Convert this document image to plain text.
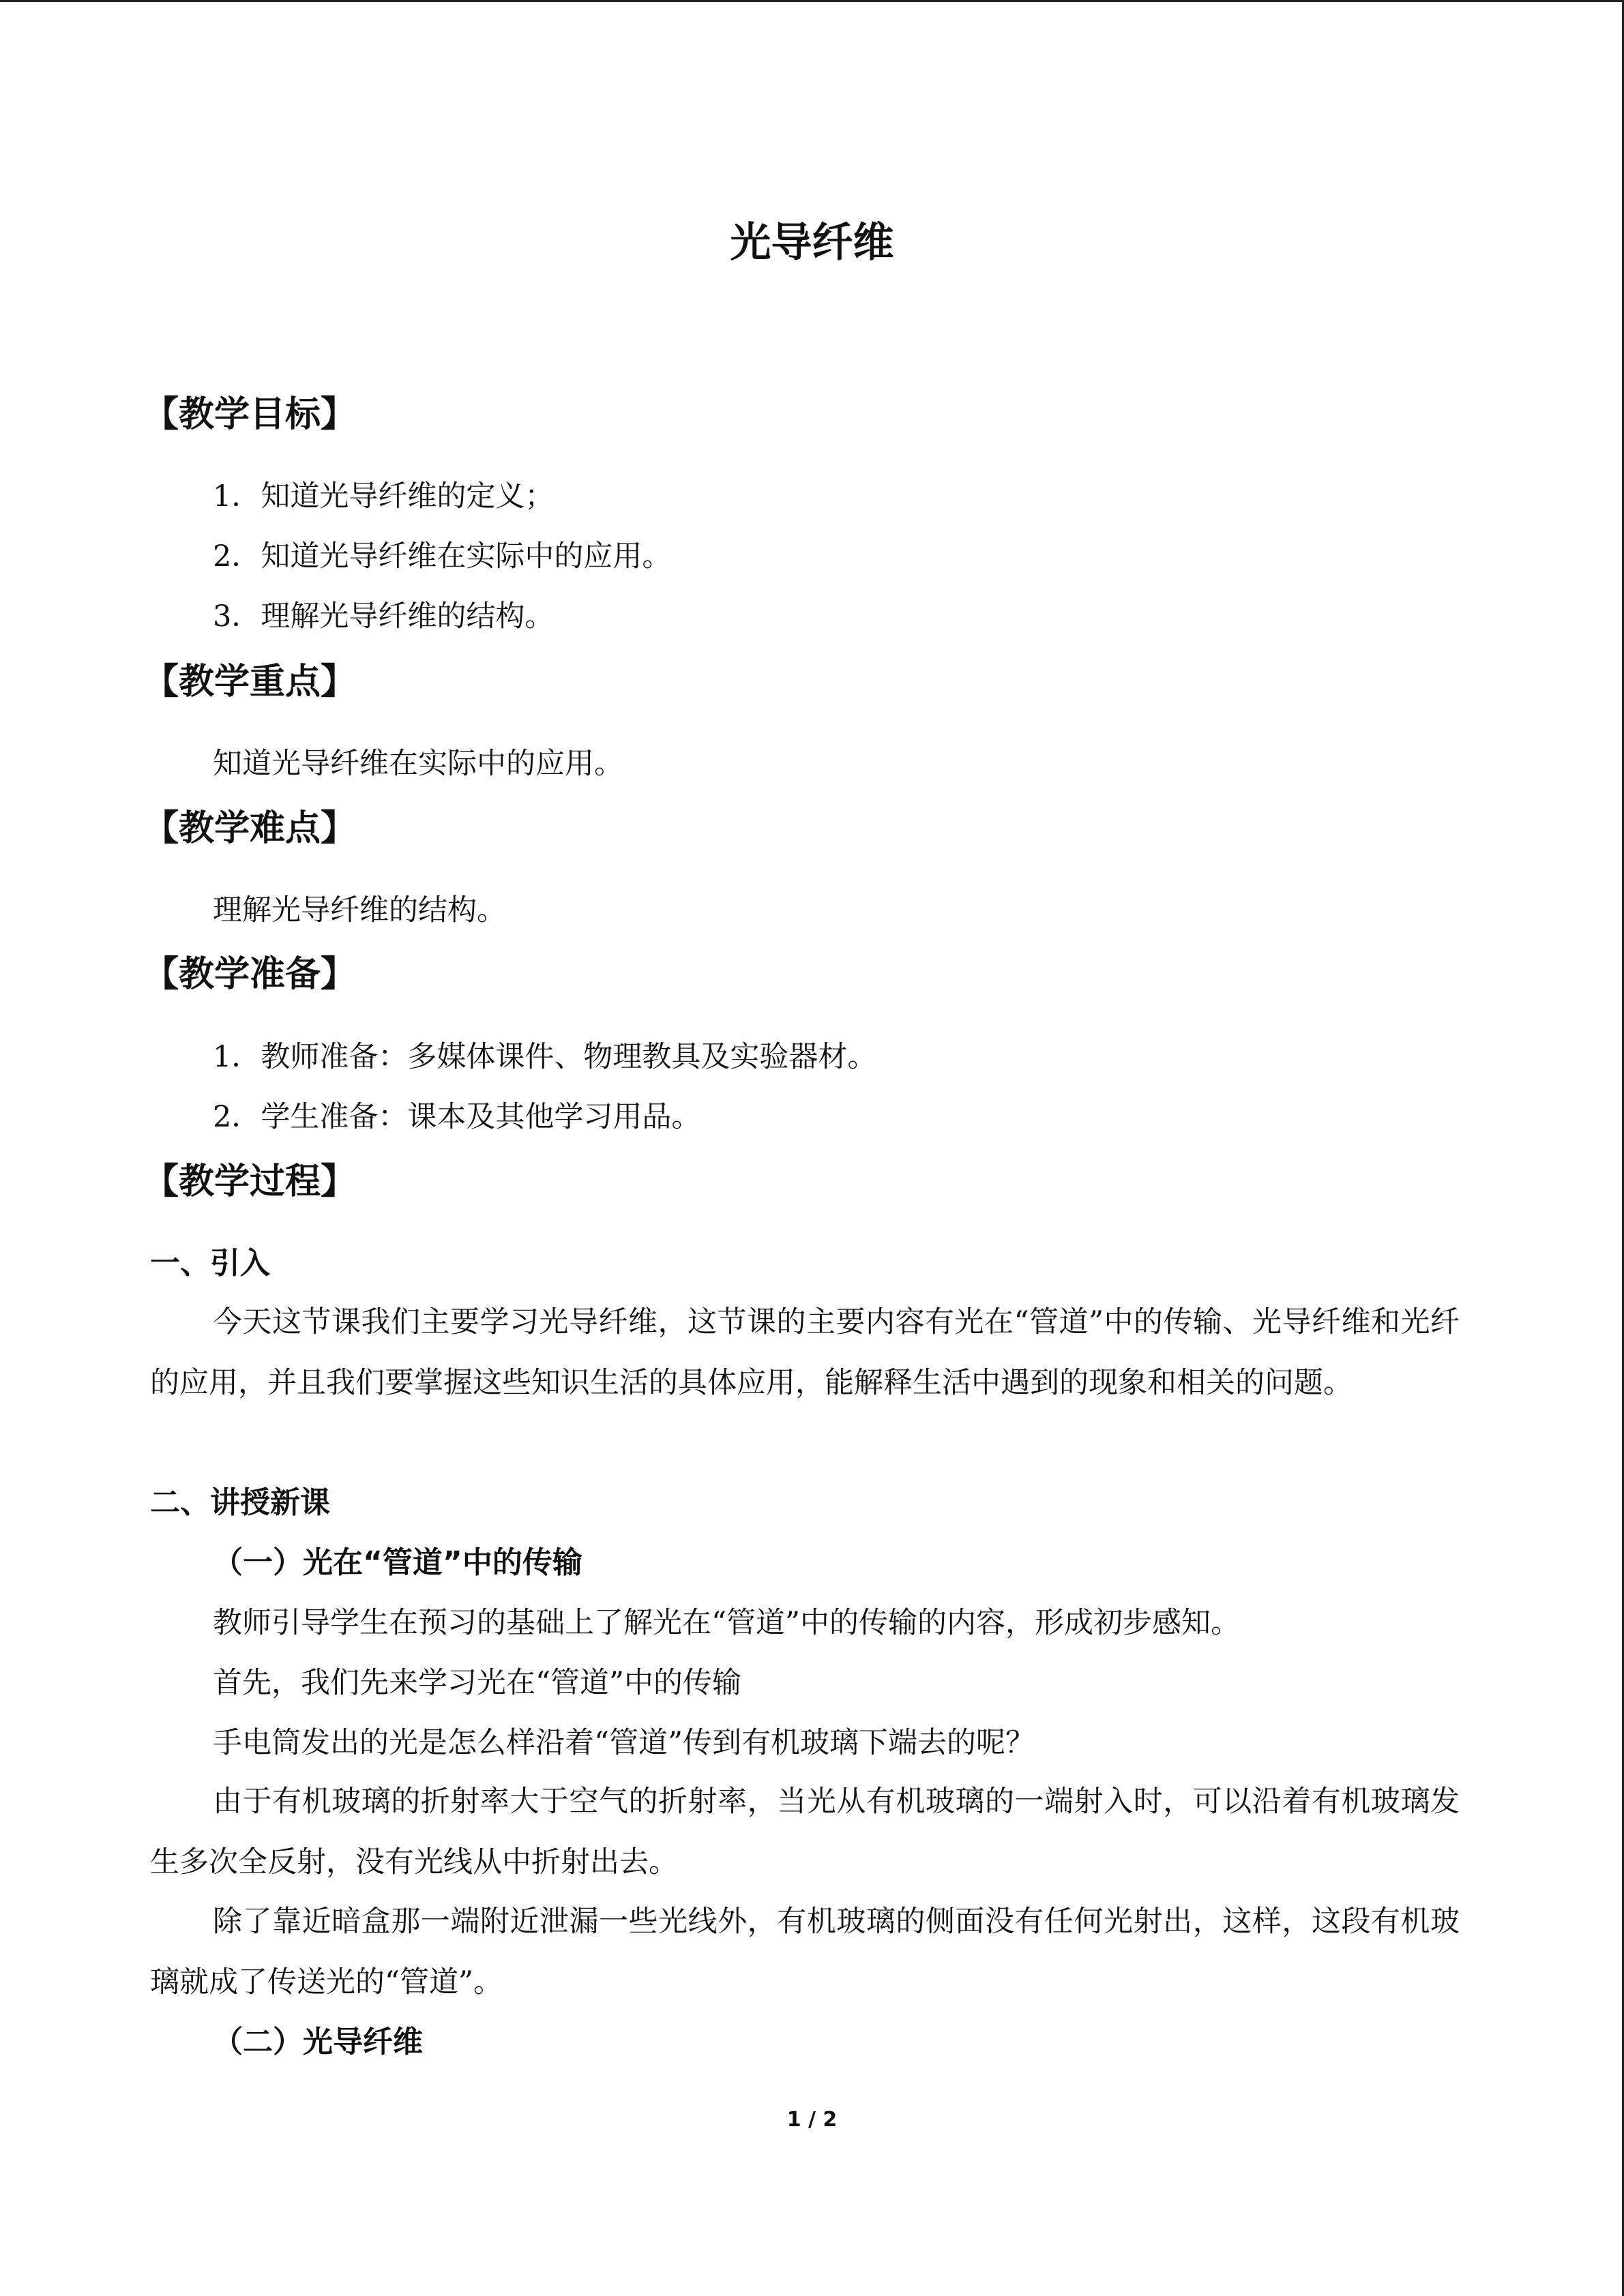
光导纤维
【教学目标】

1．知道光导纤维的定义；

2．知道光导纤维在实际中的应用。

3．理解光导纤维的结构。

【教学重点】

知道光导纤维在实际中的应用。

【教学难点】

理解光导纤维的结构。

【教学准备】

1．教师准备：多媒体课件、物理教具及实验器材。

2．学生准备：课本及其他学习用品。

【教学过程】

一、引入

今天这节课我们主要学习光导纤维，这节课的主要内容有光在“管道”中的传输、光导纤维和光纤的应用，并且我们要掌握这些知识生活的具体应用，能解释生活中遇到的现象和相关的问题。

二、讲授新课

（一）光在“管道”中的传输

教师引导学生在预习的基础上了解光在“管道”中的传输的内容，形成初步感知。

首先，我们先来学习光在“管道”中的传输

手电筒发出的光是怎么样沿着“管道”传到有机玻璃下端去的呢？

由于有机玻璃的折射率大于空气的折射率，当光从有机玻璃的一端射入时，可以沿着有机玻璃发生多次全反射，没有光线从中折射出去。

除了靠近暗盒那一端附近泄漏一些光线外，有机玻璃的侧面没有任何光射出，这样，这段有机玻璃就成了传送光的“管道”。

（二）光导纤维

1 / 2
